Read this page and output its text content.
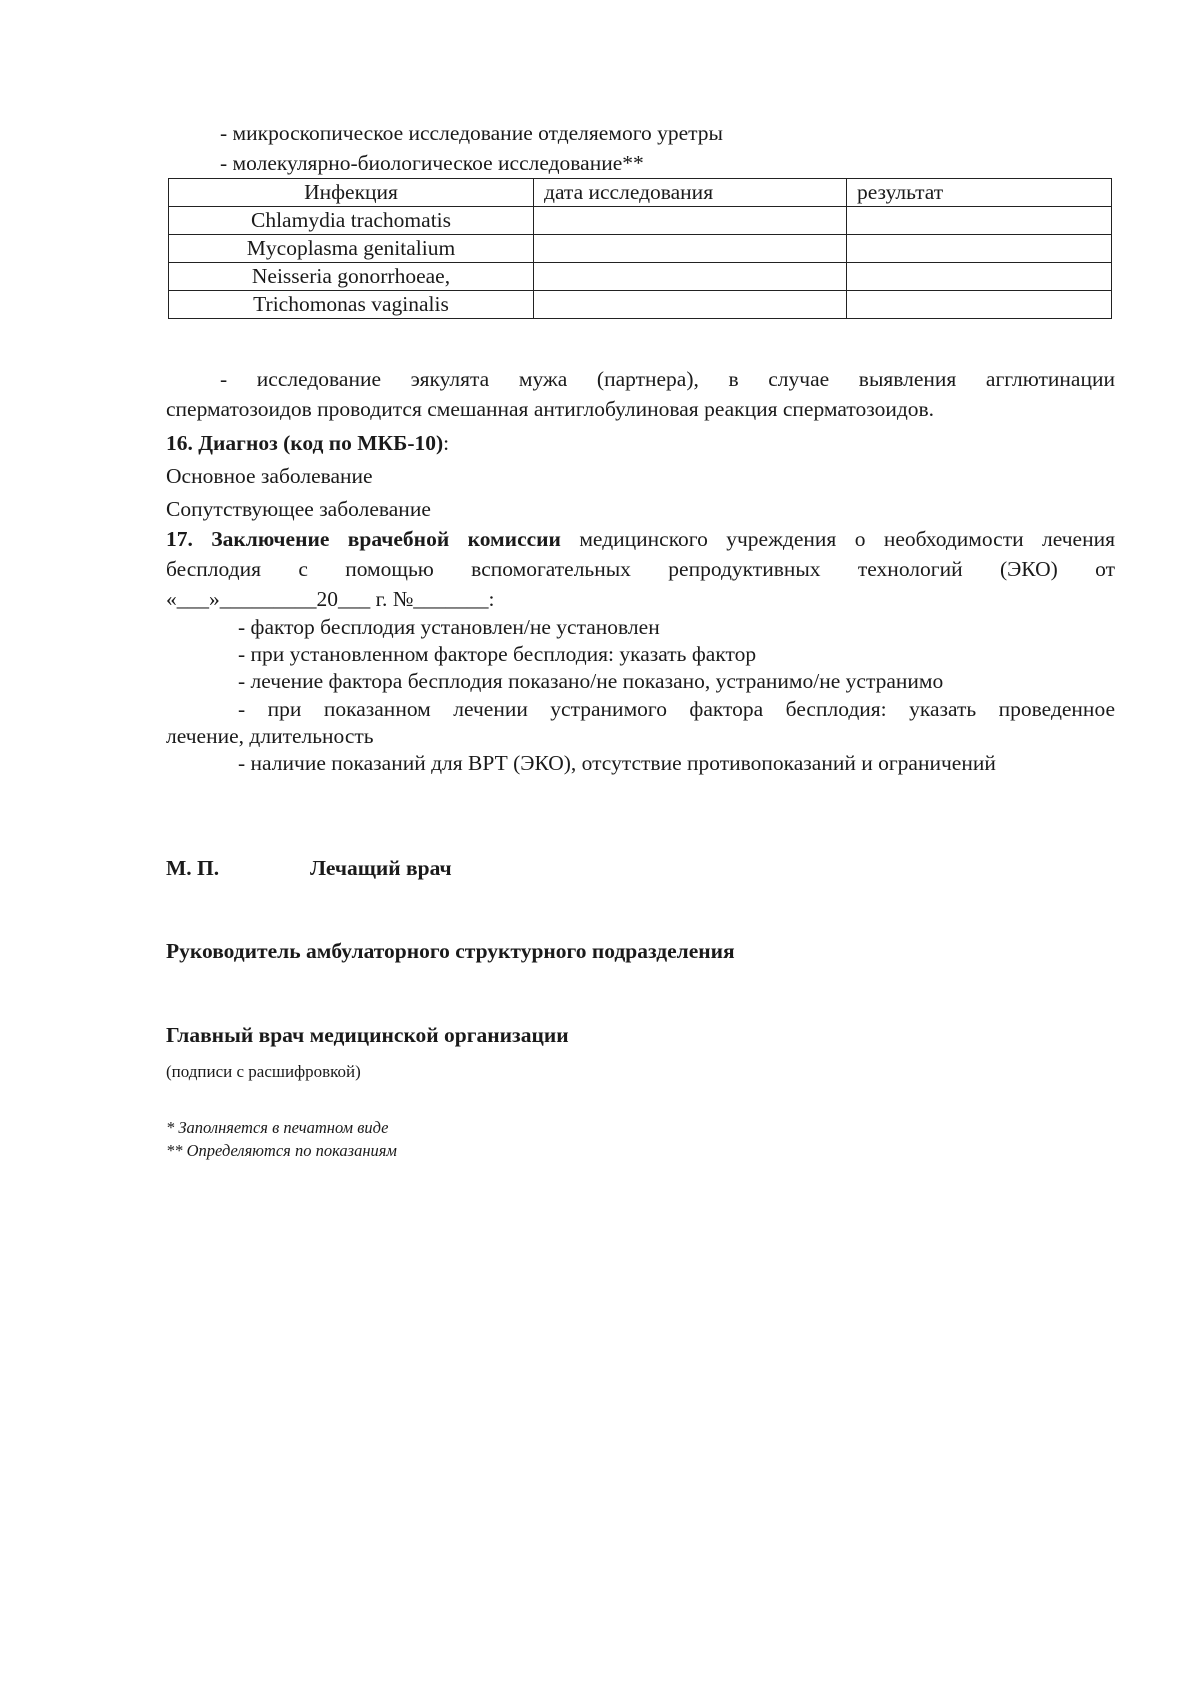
- микроскопическое исследование отделяемого уретры
- молекулярно-биологическое исследование**
Инфекция	дата исследования	результат
Chlamydia trachomatis		
Mycoplasma genitalium		
Neisseria gonorrhoeae,		
Trichomonas vaginalis		
- исследование эякулята мужа (партнера), в случае выявления агглютинации
сперматозоидов проводится смешанная антиглобулиновая реакция сперматозоидов.
16. Диагноз (код по МКБ-10):
Основное заболевание
Сопутствующее заболевание
17. Заключение врачебной комиссии медицинского учреждения о необходимости лечения
бесплодия с помощью вспомогательных репродуктивных технологий (ЭКО) от
«___»_________20___ г. №_______:
- фактор бесплодия установлен/не установлен
- при установленном факторе бесплодия: указать фактор
- лечение фактора бесплодия показано/не показано, устранимо/не устранимо
- при показанном лечении устранимого фактора бесплодия: указать проведенное
лечение, длительность
- наличие показаний для ВРТ (ЭКО), отсутствие противопоказаний и ограничений
М. П.	Лечащий врач
Руководитель амбулаторного структурного подразделения
Главный врач медицинской организации
(подписи с расшифровкой)
* Заполняется в печатном виде
** Определяются по показаниям
